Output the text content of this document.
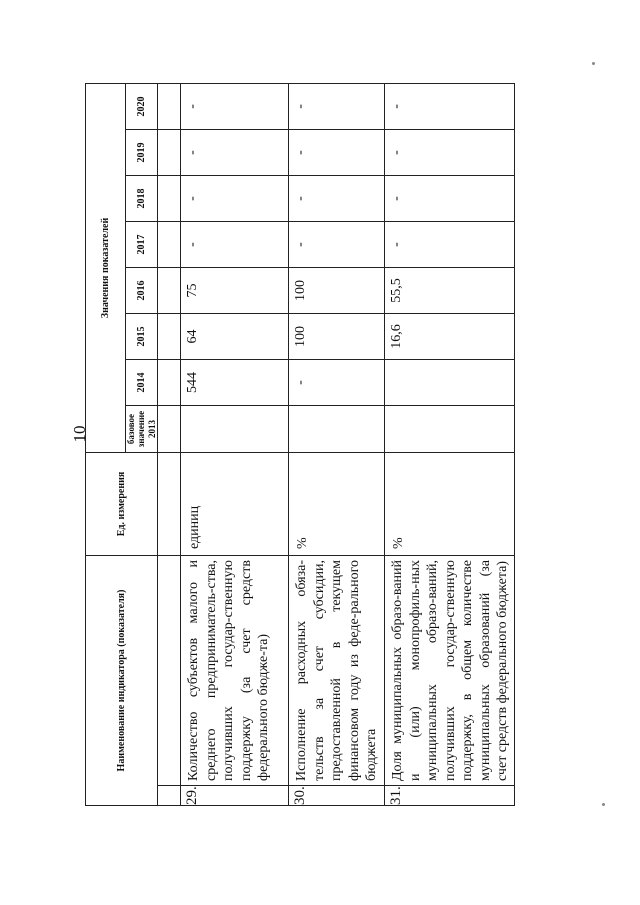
10
Наименование индикатора (показателя)		Ед. измерения	Значения показателей							
			базовое значение 2013	2014	2015	2016	2017	2018	2019	2020

29.	Количество субъектов малого и среднего предприниматель-ства, получивших государ-ственную поддержку (за счет средств федерального бюдже-та)	единиц		544	64	75	-	-	-	-
30.	Исполнение расходных обяза-тельств за счет субсидии, предоставленной в текущем финансовом году из феде-рального бюджета	%		-	100	100	-	-	-	-
31.	Доля муниципальных образо-ваний и (или) монопрофиль-ных муниципальных образо-ваний, получивших государ-ственную поддержку, в общем количестве муниципальных образований (за счет средств федерального бюджета)	%			16,6	55,5	-	-	-	-
